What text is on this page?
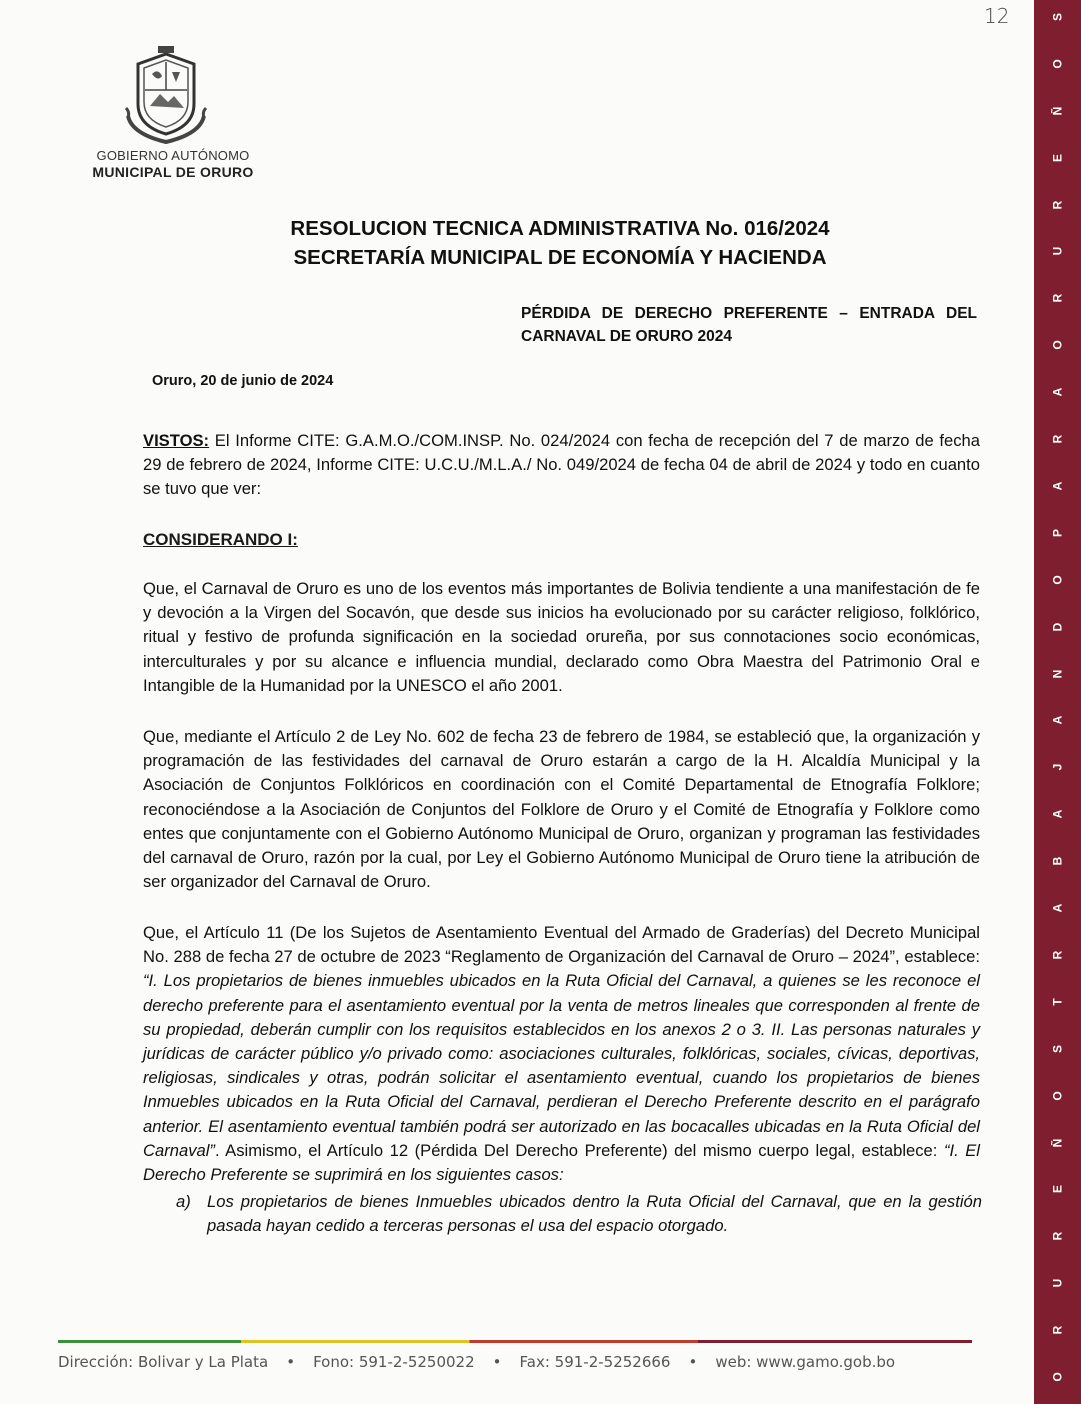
GOBIERNO AUTÓNOMO
MUNICIPAL DE ORURO
12
O
R
U
R
E
Ñ
O
S
T
R
A
B
A
J
A
N
D
O
P
A
R
A
O
R
U
R
E
Ñ
O
S
RESOLUCION TECNICA ADMINISTRATIVA No. 016/2024
SECRETARÍA MUNICIPAL DE ECONOMÍA Y HACIENDA
PÉRDIDA DE DERECHO PREFERENTE – ENTRADA DEL CARNAVAL DE ORURO 2024
Oruro, 20 de junio de 2024
VISTOS: El Informe CITE: G.A.M.O./COM.INSP. No. 024/2024 con fecha de recepción del 7 de marzo de fecha 29 de febrero de 2024, Informe CITE: U.C.U./M.L.A./ No. 049/2024 de fecha 04 de abril de 2024 y todo en cuanto se tuvo que ver:
CONSIDERANDO I:
Que, el Carnaval de Oruro es uno de los eventos más importantes de Bolivia tendiente a una manifestación de fe y devoción a la Virgen del Socavón, que desde sus inicios ha evolucionado por su carácter religioso, folklórico, ritual y festivo de profunda significación en la sociedad orureña, por sus connotaciones socio económicas, interculturales y por su alcance e influencia mundial, declarado como Obra Maestra del Patrimonio Oral e Intangible de la Humanidad por la UNESCO el año 2001.
Que, mediante el Artículo 2 de Ley No. 602 de fecha 23 de febrero de 1984, se estableció que, la organización y programación de las festividades del carnaval de Oruro estarán a cargo de la H. Alcaldía Municipal y la Asociación de Conjuntos Folklóricos en coordinación con el Comité Departamental de Etnografía Folklore; reconociéndose a la Asociación de Conjuntos del Folklore de Oruro y el Comité de Etnografía y Folklore como entes que conjuntamente con el Gobierno Autónomo Municipal de Oruro, organizan y programan las festividades del carnaval de Oruro, razón por la cual, por Ley el Gobierno Autónomo Municipal de Oruro tiene la atribución de ser organizador del Carnaval de Oruro.
Que, el Artículo 11 (De los Sujetos de Asentamiento Eventual del Armado de Graderías) del Decreto Municipal No. 288 de fecha 27 de octubre de 2023 “Reglamento de Organización del Carnaval de Oruro – 2024”, establece: “I. Los propietarios de bienes inmuebles ubicados en la Ruta Oficial del Carnaval, a quienes se les reconoce el derecho preferente para el asentamiento eventual por la venta de metros lineales que corresponden al frente de su propiedad, deberán cumplir con los requisitos establecidos en los anexos 2 o 3. II. Las personas naturales y jurídicas de carácter público y/o privado como: asociaciones culturales, folklóricas, sociales, cívicas, deportivas, religiosas, sindicales y otras, podrán solicitar el asentamiento eventual, cuando los propietarios de bienes Inmuebles ubicados en la Ruta Oficial del Carnaval, perdieran el Derecho Preferente descrito en el parágrafo anterior. El asentamiento eventual también podrá ser autorizado en las bocacalles ubicadas en la Ruta Oficial del Carnaval”. Asimismo, el Artículo 12 (Pérdida Del Derecho Preferente) del mismo cuerpo legal, establece: “I. El Derecho Preferente se suprimirá en los siguientes casos:
a) Los propietarios de bienes Inmuebles ubicados dentro la Ruta Oficial del Carnaval, que en la gestión pasada hayan cedido a terceras personas el usa del espacio otorgado.
Dirección: Bolivar y La Plata • Fono: 591-2-5250022 • Fax: 591-2-5252666 • web: www.gamo.gob.bo
